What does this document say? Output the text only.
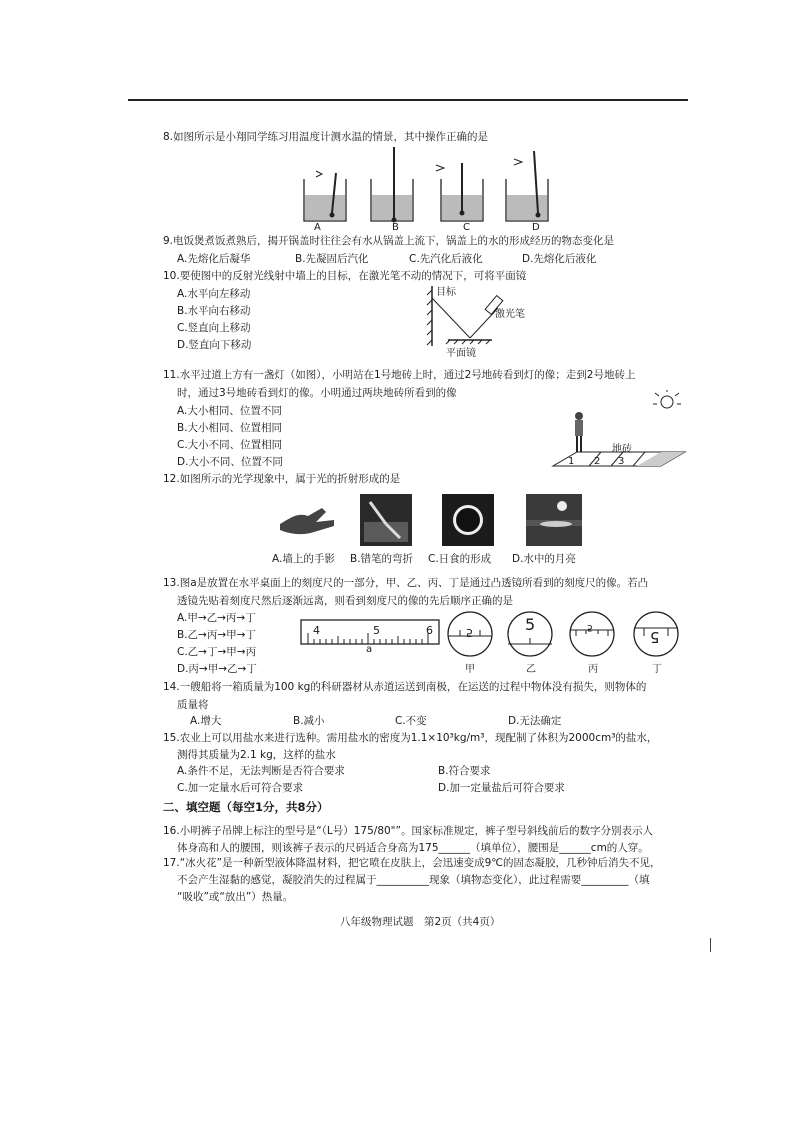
8.如图所示是小翔同学练习用温度计测水温的情景，其中操作正确的是
A	B	C	D
9.电饭煲煮饭煮熟后，揭开锅盖时往往会有水从锅盖上流下，锅盖上的水的形成经历的物态变化是
A.先熔化后凝华	B.先凝固后汽化	C.先汽化后液化	D.先熔化后液化
10.要使图中的反射光线射中墙上的目标，在激光笔不动的情况下，可将平面镜
A.水平向左移动
B.水平向右移动
C.竖直向上移动
D.竖直向下移动
目标
激光笔
平面镜
11.水平过道上方有一盏灯（如图），小明站在1号地砖上时，通过2号地砖看到灯的像；走到2号地砖上
时，通过3号地砖看到灯的像。小明通过两块地砖所看到的像
A.大小相同、位置不同
B.大小相同、位置相同
C.大小不同、位置相同
D.大小不同、位置不同
地砖
1 2 3
12.如图所示的光学现象中，属于光的折射形成的是
A.墙上的手影 B.错笔的弯折 C.日食的形成 D.水中的月亮
13.图a是放置在水平桌面上的刻度尺的一部分，甲、乙、丙、丁是通过凸透镜所看到的刻度尺的像。若凸
透镜先贴着刻度尺然后逐渐远离，则看到刻度尺的像的先后顺序正确的是
A.甲→乙→丙→丁
B.乙→丙→甲→丁
C.乙→丁→甲→丙
D.丙→甲→乙→丁
4	5	6
a
5	5	5
5
甲	乙	丙	丁
14.一艘船将一箱质量为100 kg的科研器材从赤道运送到南极，在运送的过程中物体没有损失，则物体的
质量将
A.增大	B.减小	C.不变	D.无法确定
15.农业上可以用盐水来进行选种。需用盐水的密度为1.1×10³kg/m³，现配制了体积为2000cm³的盐水，
测得其质量为2.1 kg，这样的盐水
A.条件不足，无法判断是否符合要求	B.符合要求
C.加一定量水后可符合要求	D.加一定量盐后可符合要求
二、填空题（每空1分，共8分）
16.小明裤子吊牌上标注的型号是“（L号）175/80"”。国家标准规定，裤子型号斜线前后的数字分别表示人
体身高和人的腰围，则该裤子表示的尺码适合身高为175______（填单位），腰围是______cm的人穿。
17.“冰火花”是一种新型液体降温材料，把它喷在皮肤上，会迅速变成9℃的固态凝胶，几秒钟后消失不见，
不会产生湿黏的感觉，凝胶消失的过程属于__________现象（填物态变化），此过程需要_________（填
“吸收”或“放出”）热量。
八年级物理试题　第2页（共4页）
